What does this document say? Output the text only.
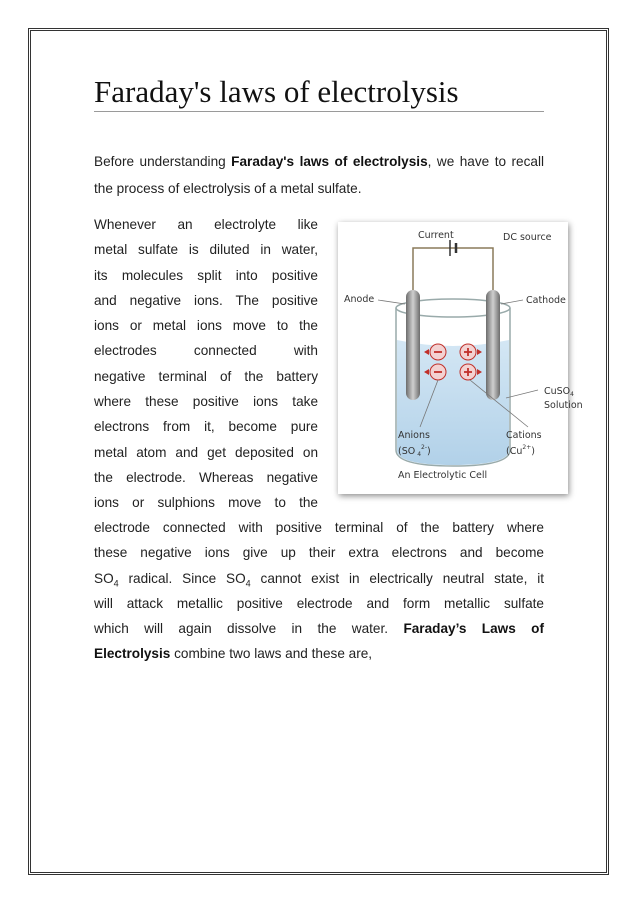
Faraday's laws of electrolysis

Before understanding Faraday's laws of electrolysis, we have to recall the process of electrolysis of a metal sulfate.

Whenever an electrolyte like
metal sulfate is diluted in water,
its molecules split into positive
and negative ions. The positive
ions or metal ions move to the
electrodes connected with
negative terminal of the battery
where these positive ions take
electrons from it, become pure
metal atom and get deposited on
the electrode. Whereas negative
ions or sulphions move to the
electrode connected with positive terminal of the battery where
these negative ions give up their extra electrons and become
$SO_4$ radical. Since $SO_4$ cannot exist in electrically neutral state, it
will attack metallic positive electrode and form metallic sulfate
which will again dissolve in the water. Faraday’s Laws of
Electrolysis combine two laws and these are,
Current	DC source
Anode	Cathode
CuSO$_4$
Solution
Anions
(SO $_4^{2-}$)
Cations
$(Cu^{2+})$
An Electrolytic Cell
